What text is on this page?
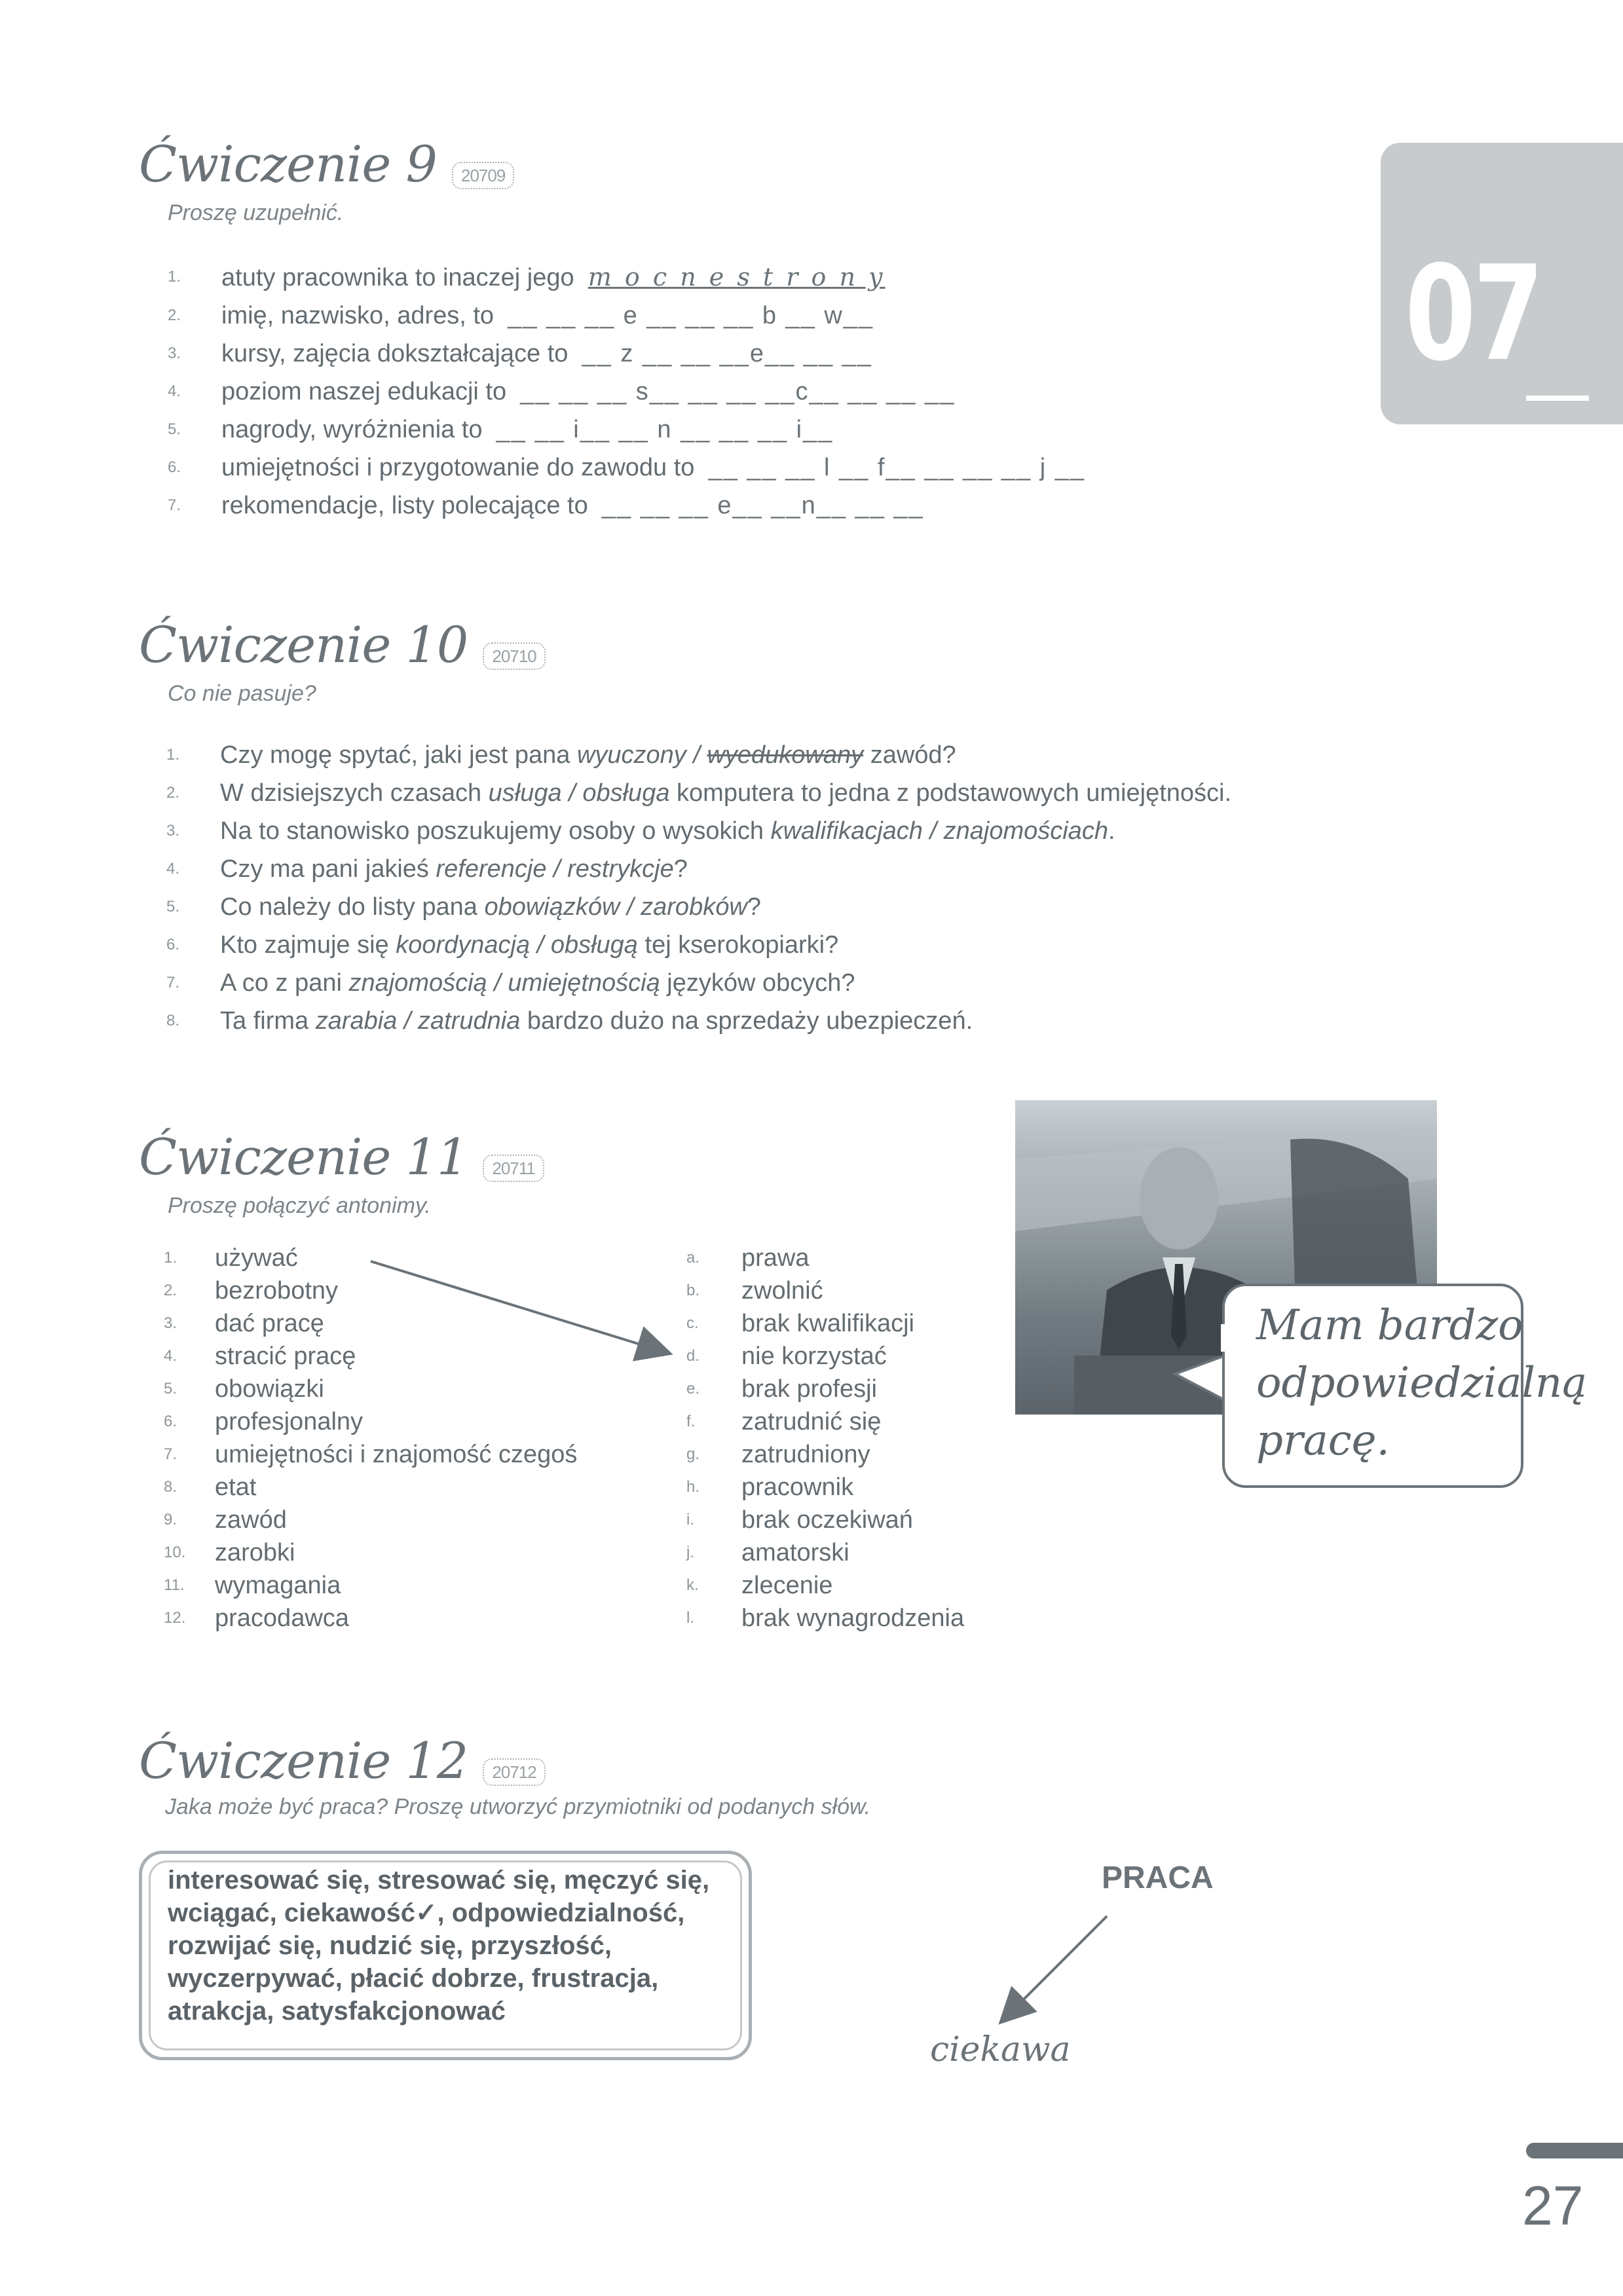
07
Ćwiczenie 9 20709
Proszę uzupełnić.
1.	atuty pracownika to inaczej jego m o c n e s t r o n y
2.	imię, nazwisko, adres, to __ __ __ e __ __ __ b __ w__
3.	kursy, zajęcia dokształcające to __ z __ __ __e__ __ __
4.	poziom naszej edukacji to __ __ __ s__ __ __ __c__ __ __ __
5.	nagrody, wyróżnienia to __ __ i__ __ n __ __ __ i__
6.	umiejętności i przygotowanie do zawodu to __ __ __ l __ f__ __ __ __ j __
7.	rekomendacje, listy polecające to __ __ __ e__ __n__ __ __
Ćwiczenie 10 20710
Co nie pasuje?
1.	Czy mogę spytać, jaki jest pana wyuczony / wyedukowany zawód?
2.	W dzisiejszych czasach usługa / obsługa komputera to jedna z podstawowych umiejętności.
3.	Na to stanowisko poszukujemy osoby o wysokich kwalifikacjach / znajomościach.
4.	Czy ma pani jakieś referencje / restrykcje?
5.	Co należy do listy pana obowiązków / zarobków?
6.	Kto zajmuje się koordynacją / obsługą tej kserokopiarki?
7.	A co z pani znajomością / umiejętnością języków obcych?
8.	Ta firma zarabia / zatrudnia bardzo dużo na sprzedaży ubezpieczeń.
Ćwiczenie 11 20711
Proszę połączyć antonimy.
1.	używać
2.	bezrobotny
3.	dać pracę
4.	stracić pracę
5.	obowiązki
6.	profesjonalny
7.	umiejętności i znajomość czegoś
8.	etat
9.	zawód
10.	zarobki
11.	wymagania
12.	pracodawca
a.	prawa
b.	zwolnić
c.	brak kwalifikacji
d.	nie korzystać
e.	brak profesji
f.	zatrudnić się
g.	zatrudniony
h.	pracownik
i.	brak oczekiwań
j.	amatorski
k.	zlecenie
l.	brak wynagrodzenia
Mam bardzo
odpowiedzialną
pracę.
Ćwiczenie 12 20712
Jaka może być praca? Proszę utworzyć przymiotniki od podanych słów.
interesować się, stresować się, męczyć się,
wciągać, ciekawość✓, odpowiedzialność,
rozwijać się, nudzić się, przyszłość,
wyczerpywać, płacić dobrze, frustracja,
atrakcja, satysfakcjonować
PRACA
ciekawa
27
